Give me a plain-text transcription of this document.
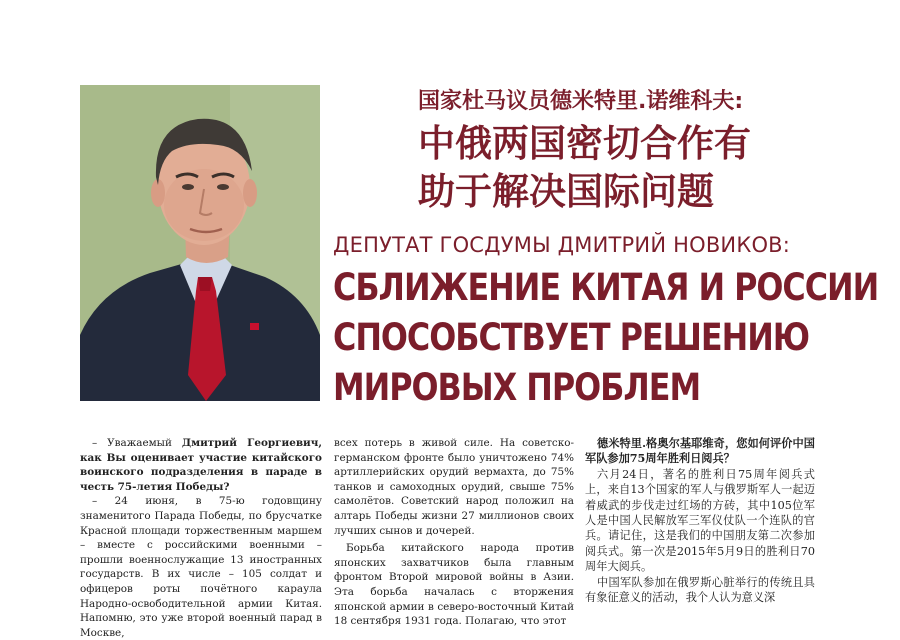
国家杜马议员德米特里.诺维科夫:
中俄两国密切合作有
助于解决国际问题
ДЕПУТАТ ГОСДУМЫ ДМИТРИЙ НОВИКОВ:
СБЛИЖЕНИЕ КИТАЯ И РОССИИ
СПОСОБСТВУЕТ РЕШЕНИЮ
МИРОВЫХ ПРОБЛЕМ

– Уважаемый Дмитрий Георгиевич, как Вы оценивает участие китайского воинского подразделения в параде в честь 75-летия Победы?

– 24 июня, в 75-ю годовщину знаменитого Парада Победы, по брусчатке Красной площади торжественным маршем – вместе с российскими военными – прошли военнослужащие 13 иностранных государств. В их числе – 105 солдат и офицеров роты почётного караула Народно-освободительной армии Китая. Напомню, это уже второй военный парад в Москве,

всех потерь в живой силе. На советско-германском фронте было уничтожено 74% артиллерийских орудий вермахта, до 75% танков и самоходных орудий, свыше 75% самолётов. Советский народ положил на алтарь Победы жизни 27 миллионов своих лучших сынов и дочерей.

Борьба китайского народа против японских захватчиков была главным фронтом Второй мировой войны в Азии. Эта борьба началась с вторжения японской армии в северо-восточный Китай 18 сентября 1931 года. Полагаю, что этот

德米特里.格奥尔基耶维奇，您如何评价中国军队参加75周年胜利日阅兵？

六月24日，著名的胜利日75周年阅兵式上，来自13个国家的军人与俄罗斯军人一起迈着威武的步伐走过红场的方砖，其中105位军人是中国人民解放军三军仪仗队一个连队的官兵。请记住，这是我们的中国朋友第二次参加阅兵式。第一次是2015年5月9日的胜利日70周年大阅兵。

中国军队参加在俄罗斯心脏举行的传统且具有象征意义的活动，我个人认为意义深
